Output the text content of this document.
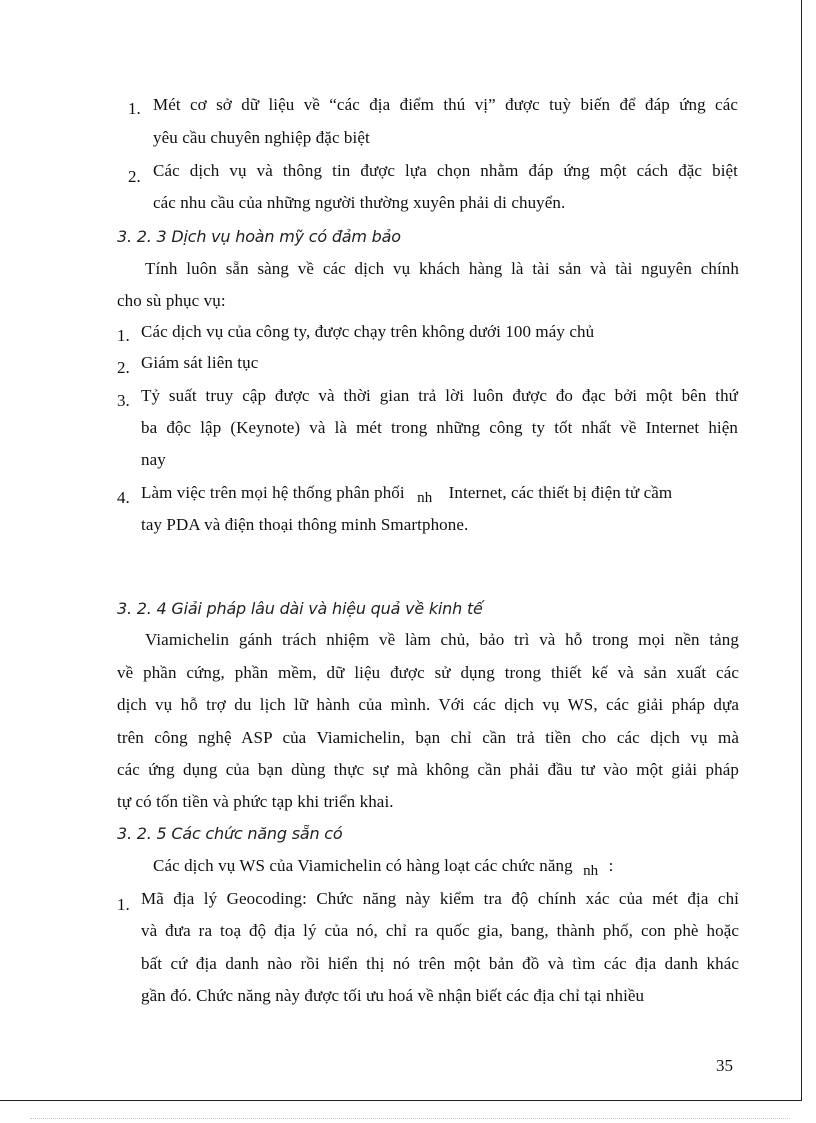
1. Mét cơ sở dữ liệu về “các địa điểm thú vị” được tuỳ biến để đáp ứng các
yêu cầu chuyên nghiệp đặc biệt
2. Các dịch vụ và thông tin được lựa chọn nhằm đáp ứng một cách đặc biệt
các nhu cầu của những người thường xuyên phải di chuyển.
3. 2. 3 Dịch vụ hoàn mỹ có đảm bảo
Tính luôn sẵn sàng về các dịch vụ khách hàng là tài sản và tài nguyên chính
cho sù phục vụ:
1. Các dịch vụ của công ty, được chạy trên không dưới 100 máy chủ
2. Giám sát liên tục
3. Tỷ suất truy cập được và thời gian trả lời luôn được đo đạc bởi một bên thứ
ba độc lập (Keynote) và là mét trong những công ty tốt nhất về Internet hiện
nay
4. Làm việc trên mọi hệ thống phân phối nh Internet, các thiết bị điện tử cầm
tay PDA và điện thoại thông minh Smartphone.
3. 2. 4 Giải pháp lâu dài và hiệu quả về kinh tế
Viamichelin gánh trách nhiệm về làm chủ, bảo trì và hỗ trong mọi nền tảng
về phần cứng, phần mềm, dữ liệu được sử dụng trong thiết kế và sản xuất các
dịch vụ hỗ trợ du lịch lữ hành của mình. Với các dịch vụ WS, các giải pháp dựa
trên công nghệ ASP của Viamichelin, bạn chỉ cần trả tiền cho các dịch vụ mà
các ứng dụng của bạn dùng thực sự mà không cần phải đầu tư vào một giải pháp
tự có tốn tiền và phức tạp khi triển khai.
3. 2. 5 Các chức năng sẵn có
Các dịch vụ WS của Viamichelin có hàng loạt các chức năng nh :
1. Mã địa lý Geocoding: Chức năng này kiểm tra độ chính xác của mét địa chỉ
và đưa ra toạ độ địa lý của nó, chỉ ra quốc gia, bang, thành phố, con phè hoặc
bất cứ địa danh nào rồi hiển thị nó trên một bản đồ và tìm các địa danh khác
gần đó. Chức năng này được tối ưu hoá về nhận biết các địa chỉ tại nhiều
35
